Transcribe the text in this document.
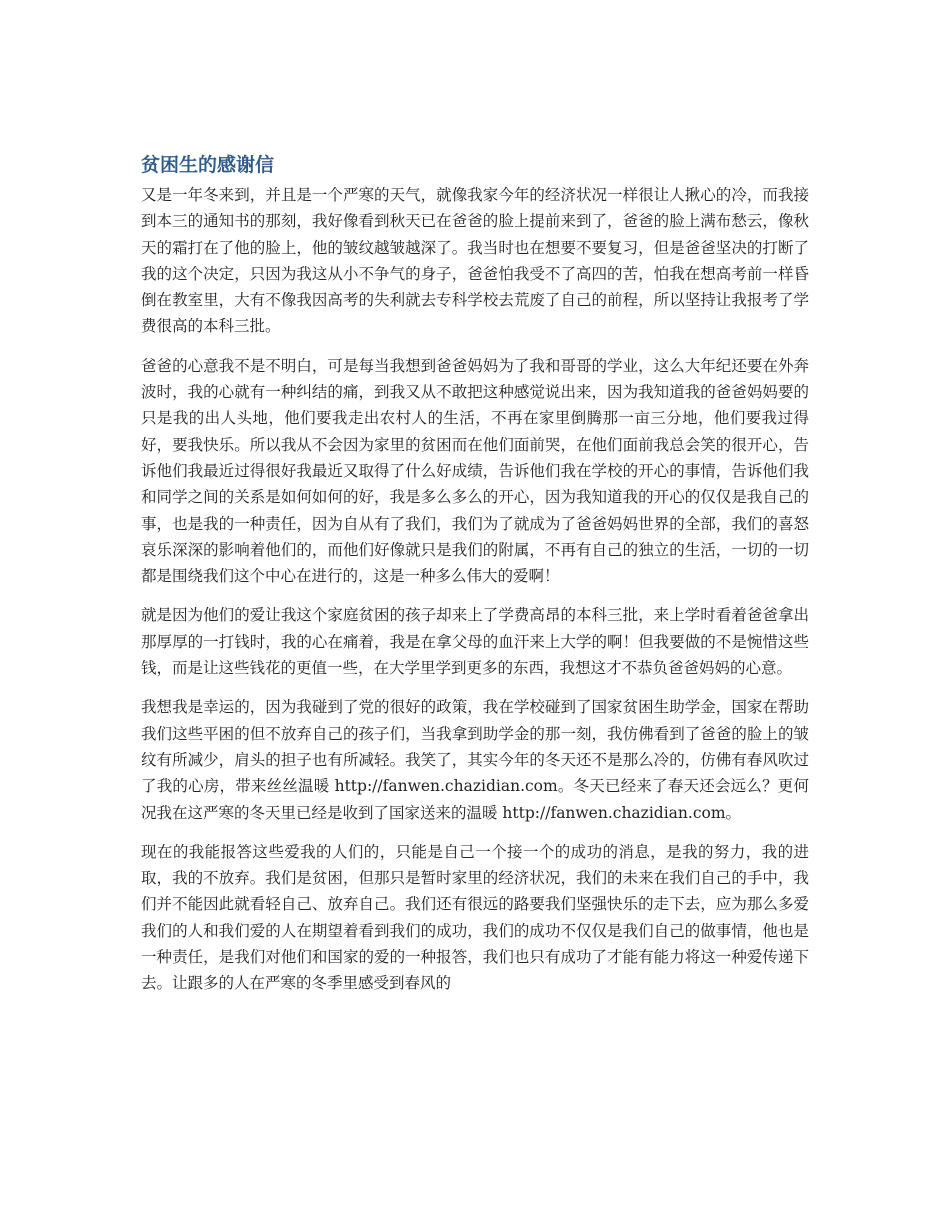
贫困生的感谢信

又是一年冬来到，并且是一个严寒的天气，就像我家今年的经济状况一样很让人揪心的冷，而我接到本三的通知书的那刻，我好像看到秋天已在爸爸的脸上提前来到了，爸爸的脸上满布愁云，像秋天的霜打在了他的脸上，他的皱纹越皱越深了。我当时也在想要不要复习，但是爸爸坚决的打断了我的这个决定，只因为我这从小不争气的身子，爸爸怕我受不了高四的苦，怕我在想高考前一样昏倒在教室里，大有不像我因高考的失利就去专科学校去荒废了自己的前程，所以坚持让我报考了学费很高的本科三批。

爸爸的心意我不是不明白，可是每当我想到爸爸妈妈为了我和哥哥的学业，这么大年纪还要在外奔波时，我的心就有一种纠结的痛，到我又从不敢把这种感觉说出来，因为我知道我的爸爸妈妈要的只是我的出人头地，他们要我走出农村人的生活，不再在家里倒腾那一亩三分地，他们要我过得好，要我快乐。所以我从不会因为家里的贫困而在他们面前哭，在他们面前我总会笑的很开心，告诉他们我最近过得很好我最近又取得了什么好成绩，告诉他们我在学校的开心的事情，告诉他们我和同学之间的关系是如何如何的好，我是多么多么的开心，因为我知道我的开心的仅仅是我自己的事，也是我的一种责任，因为自从有了我们，我们为了就成为了爸爸妈妈世界的全部，我们的喜怒哀乐深深的影响着他们的，而他们好像就只是我们的附属，不再有自己的独立的生活，一切的一切都是围绕我们这个中心在进行的，这是一种多么伟大的爱啊！

就是因为他们的爱让我这个家庭贫困的孩子却来上了学费高昂的本科三批，来上学时看着爸爸拿出那厚厚的一打钱时，我的心在痛着，我是在拿父母的血汗来上大学的啊！但我要做的不是惋惜这些钱，而是让这些钱花的更值一些，在大学里学到更多的东西，我想这才不恭负爸爸妈妈的心意。

我想我是幸运的，因为我碰到了党的很好的政策，我在学校碰到了国家贫困生助学金，国家在帮助我们这些平困的但不放弃自己的孩子们，当我拿到助学金的那一刻，我仿佛看到了爸爸的脸上的皱纹有所减少，肩头的担子也有所减轻。我笑了，其实今年的冬天还不是那么冷的，仿佛有春风吹过了我的心房，带来丝丝温暖 http://fanwen.chazidian.com。冬天已经来了春天还会远么？更何况我在这严寒的冬天里已经是收到了国家送来的温暖 http://fanwen.chazidian.com。

现在的我能报答这些爱我的人们的，只能是自己一个接一个的成功的消息，是我的努力，我的进取，我的不放弃。我们是贫困，但那只是暂时家里的经济状况，我们的未来在我们自己的手中，我们并不能因此就看轻自己、放弃自己。我们还有很远的路要我们坚强快乐的走下去，应为那么多爱我们的人和我们爱的人在期望着看到我们的成功，我们的成功不仅仅是我们自己的做事情，他也是一种责任，是我们对他们和国家的爱的一种报答，我们也只有成功了才能有能力将这一种爱传递下去。让跟多的人在严寒的冬季里感受到春风的
